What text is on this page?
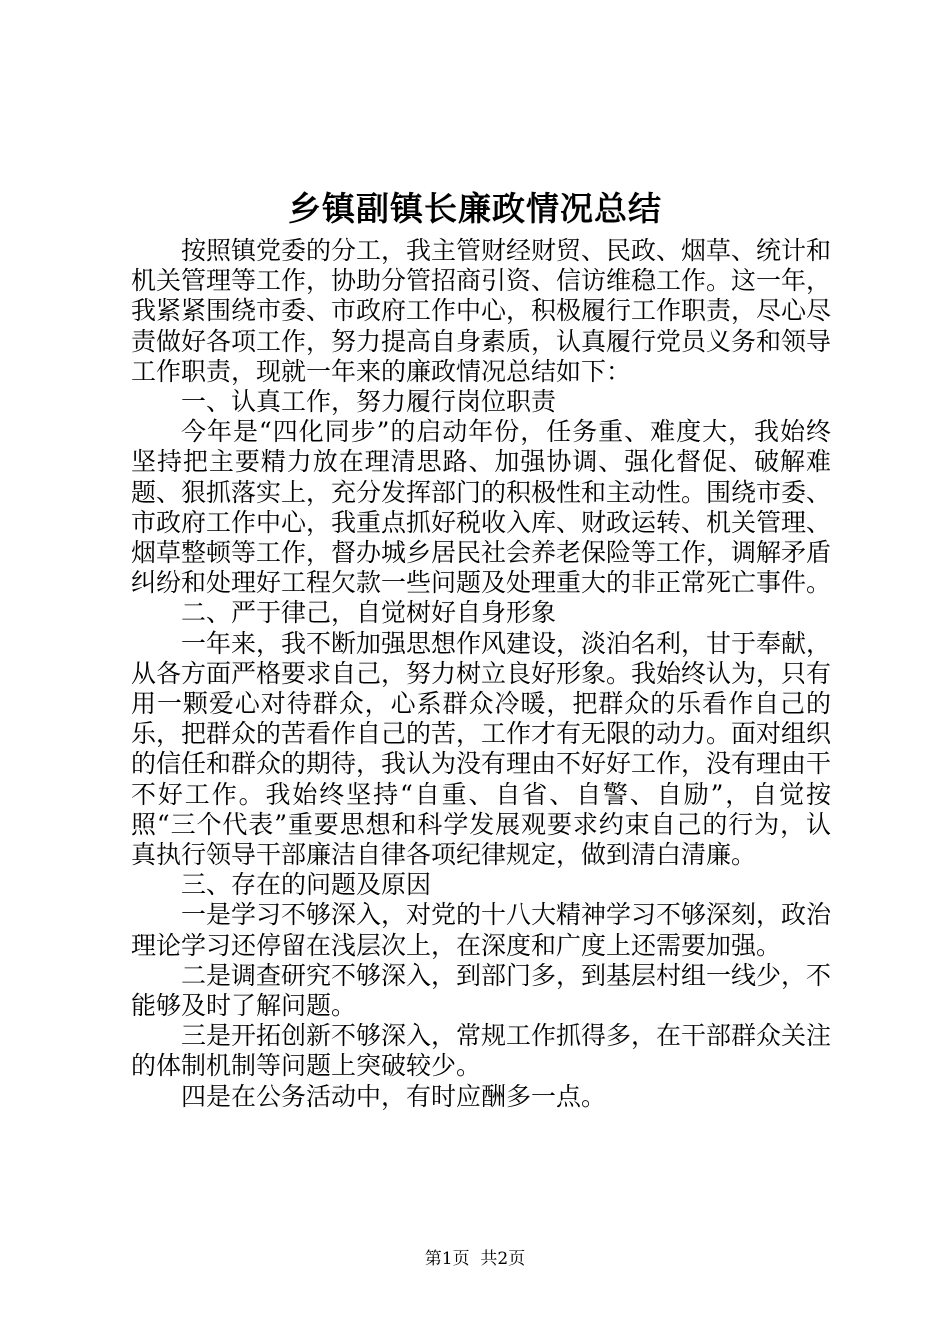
乡镇副镇长廉政情况总结

按照镇党委的分工，我主管财经财贸、民政、烟草、统计和机关管理等工作，协助分管招商引资、信访维稳工作。这一年，我紧紧围绕市委、市政府工作中心，积极履行工作职责，尽心尽责做好各项工作，努力提高自身素质，认真履行党员义务和领导工作职责，现就一年来的廉政情况总结如下：

一、认真工作，努力履行岗位职责

今年是“四化同步”的启动年份，任务重、难度大，我始终坚持把主要精力放在理清思路、加强协调、强化督促、破解难题、狠抓落实上，充分发挥部门的积极性和主动性。围绕市委、市政府工作中心，我重点抓好税收入库、财政运转、机关管理、烟草整顿等工作，督办城乡居民社会养老保险等工作，调解矛盾纠纷和处理好工程欠款一些问题及处理重大的非正常死亡事件。

二、严于律己，自觉树好自身形象

一年来，我不断加强思想作风建设，淡泊名利，甘于奉献，从各方面严格要求自己，努力树立良好形象。我始终认为，只有用一颗爱心对待群众，心系群众冷暖，把群众的乐看作自己的乐，把群众的苦看作自己的苦，工作才有无限的动力。面对组织的信任和群众的期待，我认为没有理由不好好工作，没有理由干不好工作。我始终坚持“自重、自省、自警、自励”，自觉按照“三个代表”重要思想和科学发展观要求约束自己的行为，认真执行领导干部廉洁自律各项纪律规定，做到清白清廉。

三、存在的问题及原因

一是学习不够深入，对党的十八大精神学习不够深刻，政治理论学习还停留在浅层次上，在深度和广度上还需要加强。

二是调查研究不够深入，到部门多，到基层村组一线少，不能够及时了解问题。

三是开拓创新不够深入，常规工作抓得多，在干部群众关注的体制机制等问题上突破较少。

四是在公务活动中，有时应酬多一点。

第1页 共2页
